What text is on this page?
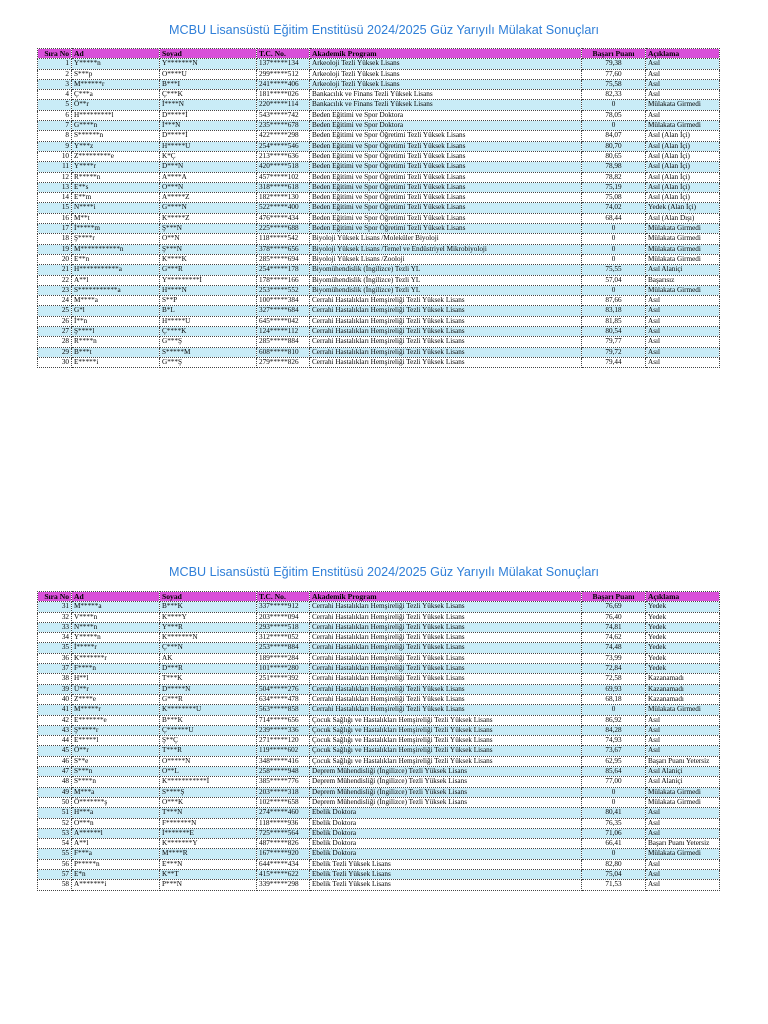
MCBU Lisansüstü Eğitim Enstitüsü 2024/2025 Güz Yarıyılı Mülakat Sonuçları
Sıra No	Ad	Soyad	T.C. No.	Akademik Program	Başarı Puanı	Açıklama
1	Y*****n	Y*******N	137*****134	Arkeoloji Tezli Yüksek Lisans	79,38	Asıl
2	S***p	O****U	299*****512	Arkeoloji Tezli Yüksek Lisans	77,60	Asıl
3	M******r	B***I	241*****406	Arkeoloji Tezli Yüksek Lisans	75,58	Asıl
4	Ç***a	Ç***K	181*****026	Bankacılık ve Finans Tezli Yüksek Lisans	82,33	Asıl
5	Ö**r	İ****N	220*****114	Bankacılık ve Finans Tezli Yüksek Lisans	0	Mülakata Girmedi
6	H*********l	D*****İ	543*****742	Beden Eğitimi ve Spor Doktora	78,05	Asıl
7	G****n	İ***N	235*****678	Beden Eğitimi ve Spor Doktora	0	Mülakata Girmedi
8	S******n	D*****İ	422*****298	Beden Eğitimi ve Spor Öğretimi Tezli Yüksek Lisans	84,07	Asıl (Alan İçi)
9	Y***z	H*****U	254*****546	Beden Eğitimi ve Spor Öğretimi Tezli Yüksek Lisans	80,70	Asıl (Alan İçi)
10	Z*********e	K*Ç	213*****636	Beden Eğitimi ve Spor Öğretimi Tezli Yüksek Lisans	80,65	Asıl (Alan İçi)
11	Y****r	D***N	420*****518	Beden Eğitimi ve Spor Öğretimi Tezli Yüksek Lisans	78,98	Asıl (Alan İçi)
12	R*****n	A****A	457*****102	Beden Eğitimi ve Spor Öğretimi Tezli Yüksek Lisans	78,82	Asıl (Alan İçi)
13	E**s	O***N	318*****618	Beden Eğitimi ve Spor Öğretimi Tezli Yüksek Lisans	75,19	Asıl (Alan İçi)
14	E**m	A*****Z	182*****130	Beden Eğitimi ve Spor Öğretimi Tezli Yüksek Lisans	75,08	Asıl (Alan İçi)
15	N****i	G****N	522*****400	Beden Eğitimi ve Spor Öğretimi Tezli Yüksek Lisans	74,02	Yedek (Alan İçi)
16	M**t	K*****Z	476*****434	Beden Eğitimi ve Spor Öğretimi Tezli Yüksek Lisans	68,44	Asıl (Alan Dışı)
17	İ*****m	Ş***N	225*****688	Beden Eğitimi ve Spor Öğretimi Tezli Yüksek Lisans	0	Mülakata Girmedi
18	Ş****r	O**N	118*****542	Biyoloji Yüksek Lisans /Moleküler Biyoloji	0	Mülakata Girmedi
19	M***********n	Ş***N	378*****656	Biyoloji Yüksek Lisans /Temel ve Endüstriyel Mikrobiyoloji	0	Mülakata Girmedi
20	E**n	K****K	285*****694	Biyoloji Yüksek Lisans /Zooloji	0	Mülakata Girmedi
21	H***********a	G***R	254*****178	Biyomühendislik (İngilizce) Tezli YL	75,55	Asıl Alaniçi
22	A**l	Y*********İ	178*****166	Biyomühendislik (İngilizce) Tezli YL	57,04	Başarısız
23	S***********a	H****N	253*****552	Biyomühendislik (İngilizce) Tezli YL	0	Mülakata Girmedi
24	M****a	S**P	100*****384	Cerrahi Hastalıkları Hemşireliği Tezli Yüksek Lisans	87,66	Asıl
25	G*l	B*L	327*****684	Cerrahi Hastalıkları Hemşireliği Tezli Yüksek Lisans	83,18	Asıl
26	İ**n	H*****U	645*****042	Cerrahi Hastalıkları Hemşireliği Tezli Yüksek Lisans	81,85	Asıl
27	Ş****l	Ç****K	124*****112	Cerrahi Hastalıkları Hemşireliği Tezli Yüksek Lisans	80,54	Asıl
28	R****n	G***Ş	285*****884	Cerrahi Hastalıkları Hemşireliği Tezli Yüksek Lisans	79,77	Asıl
29	B***t	S*****M	608*****810	Cerrahi Hastalıkları Hemşireliği Tezli Yüksek Lisans	79,72	Asıl
30	E*****i	G***Ş	279*****826	Cerrahi Hastalıkları Hemşireliği Tezli Yüksek Lisans	79,44	Asıl
MCBU Lisansüstü Eğitim Enstitüsü 2024/2025 Güz Yarıyılı Mülakat Sonuçları
Sıra No	Ad	Soyad	T.C. No.	Akademik Program	Başarı Puanı	Açıklama
31	M*****a	B***K	337*****912	Cerrahi Hastalıkları Hemşireliği Tezli Yüksek Lisans	76,69	Yedek
32	V****n	K****Y	203*****094	Cerrahi Hastalıkları Hemşireliği Tezli Yüksek Lisans	76,40	Yedek
33	N****n	Y***R	293*****518	Cerrahi Hastalıkları Hemşireliği Tezli Yüksek Lisans	74,81	Yedek
34	Y*****n	K*******N	312*****052	Cerrahi Hastalıkları Hemşireliği Tezli Yüksek Lisans	74,62	Yedek
35	İ*****r	Ç***N	253*****884	Cerrahi Hastalıkları Hemşireliği Tezli Yüksek Lisans	74,48	Yedek
36	K*******r	AK	189*****284	Cerrahi Hastalıkları Hemşireliği Tezli Yüksek Lisans	73,99	Yedek
37	F****n	D***R	101*****280	Cerrahi Hastalıkları Hemşireliği Tezli Yüksek Lisans	72,84	Yedek
38	H**l	T***K	251*****392	Cerrahi Hastalıkları Hemşireliği Tezli Yüksek Lisans	72,58	Kazanamadı
39	Ü**r	D*****N	504*****276	Cerrahi Hastalıkları Hemşireliği Tezli Yüksek Lisans	69,93	Kazanamadı
40	Z****e	G***R	634*****478	Cerrahi Hastalıkları Hemşireliği Tezli Yüksek Lisans	68,18	Kazanamadı
41	M*****r	K********U	563*****858	Cerrahi Hastalıkları Hemşireliği Tezli Yüksek Lisans	0	Mülakata Girmedi
42	E*******e	B***K	714*****656	Çocuk Sağlığı ve Hastalıkları Hemşireliği Tezli Yüksek Lisans	86,92	Asıl
43	Ş*****r	Ç******U	239*****336	Çocuk Sağlığı ve Hastalıkları Hemşireliği Tezli Yüksek Lisans	84,28	Asıl
44	E*****l	Ş**Ç	271*****120	Çocuk Sağlığı ve Hastalıkları Hemşireliği Tezli Yüksek Lisans	74,93	Asıl
45	Ö**r	T***R	119*****602	Çocuk Sağlığı ve Hastalıkları Hemşireliği Tezli Yüksek Lisans	73,67	Asıl
46	S**e	O*****N	348*****416	Çocuk Sağlığı ve Hastalıkları Hemşireliği Tezli Yüksek Lisans	62,95	Başarı Puanı Yetersiz
47	S***n	O**L	258*****948	Deprem Mühendisliği (İngilizce) Tezli Yüksek Lisans	85,64	Asıl Alaniçi
48	S****n	K***********İ	385*****776	Deprem Mühendisliği (İngilizce) Tezli Yüksek Lisans	77,00	Asıl Alaniçi
49	M***a	S****Ş	203*****318	Deprem Mühendisliği (İngilizce) Tezli Yüksek Lisans	0	Mülakata Girmedi
50	Ö*******ş	O***K	102*****658	Deprem Mühendisliği (İngilizce) Tezli Yüksek Lisans	0	Mülakata Girmedi
51	H***a	T***N	274*****460	Ebelik Doktora	80,41	Asıl
52	O***n	F*******N	118*****936	Ebelik Doktora	76,35	Asıl
53	A******l	İ*******E	725*****564	Ebelik Doktora	71,06	Asıl
54	A**l	K*******Y	487*****826	Ebelik Doktora	66,41	Başarı Puanı Yetersiz
55	F***a	M****R	167*****920	Ebelik Doktora	0	Mülakata Girmedi
56	P*****n	E***N	644*****434	Ebelik Tezli Yüksek Lisans	82,80	Asıl
57	E*n	K**T	415*****622	Ebelik Tezli Yüksek Lisans	75,04	Asıl
58	A*******i	P***N	339*****298	Ebelik Tezli Yüksek Lisans	71,53	Asıl
